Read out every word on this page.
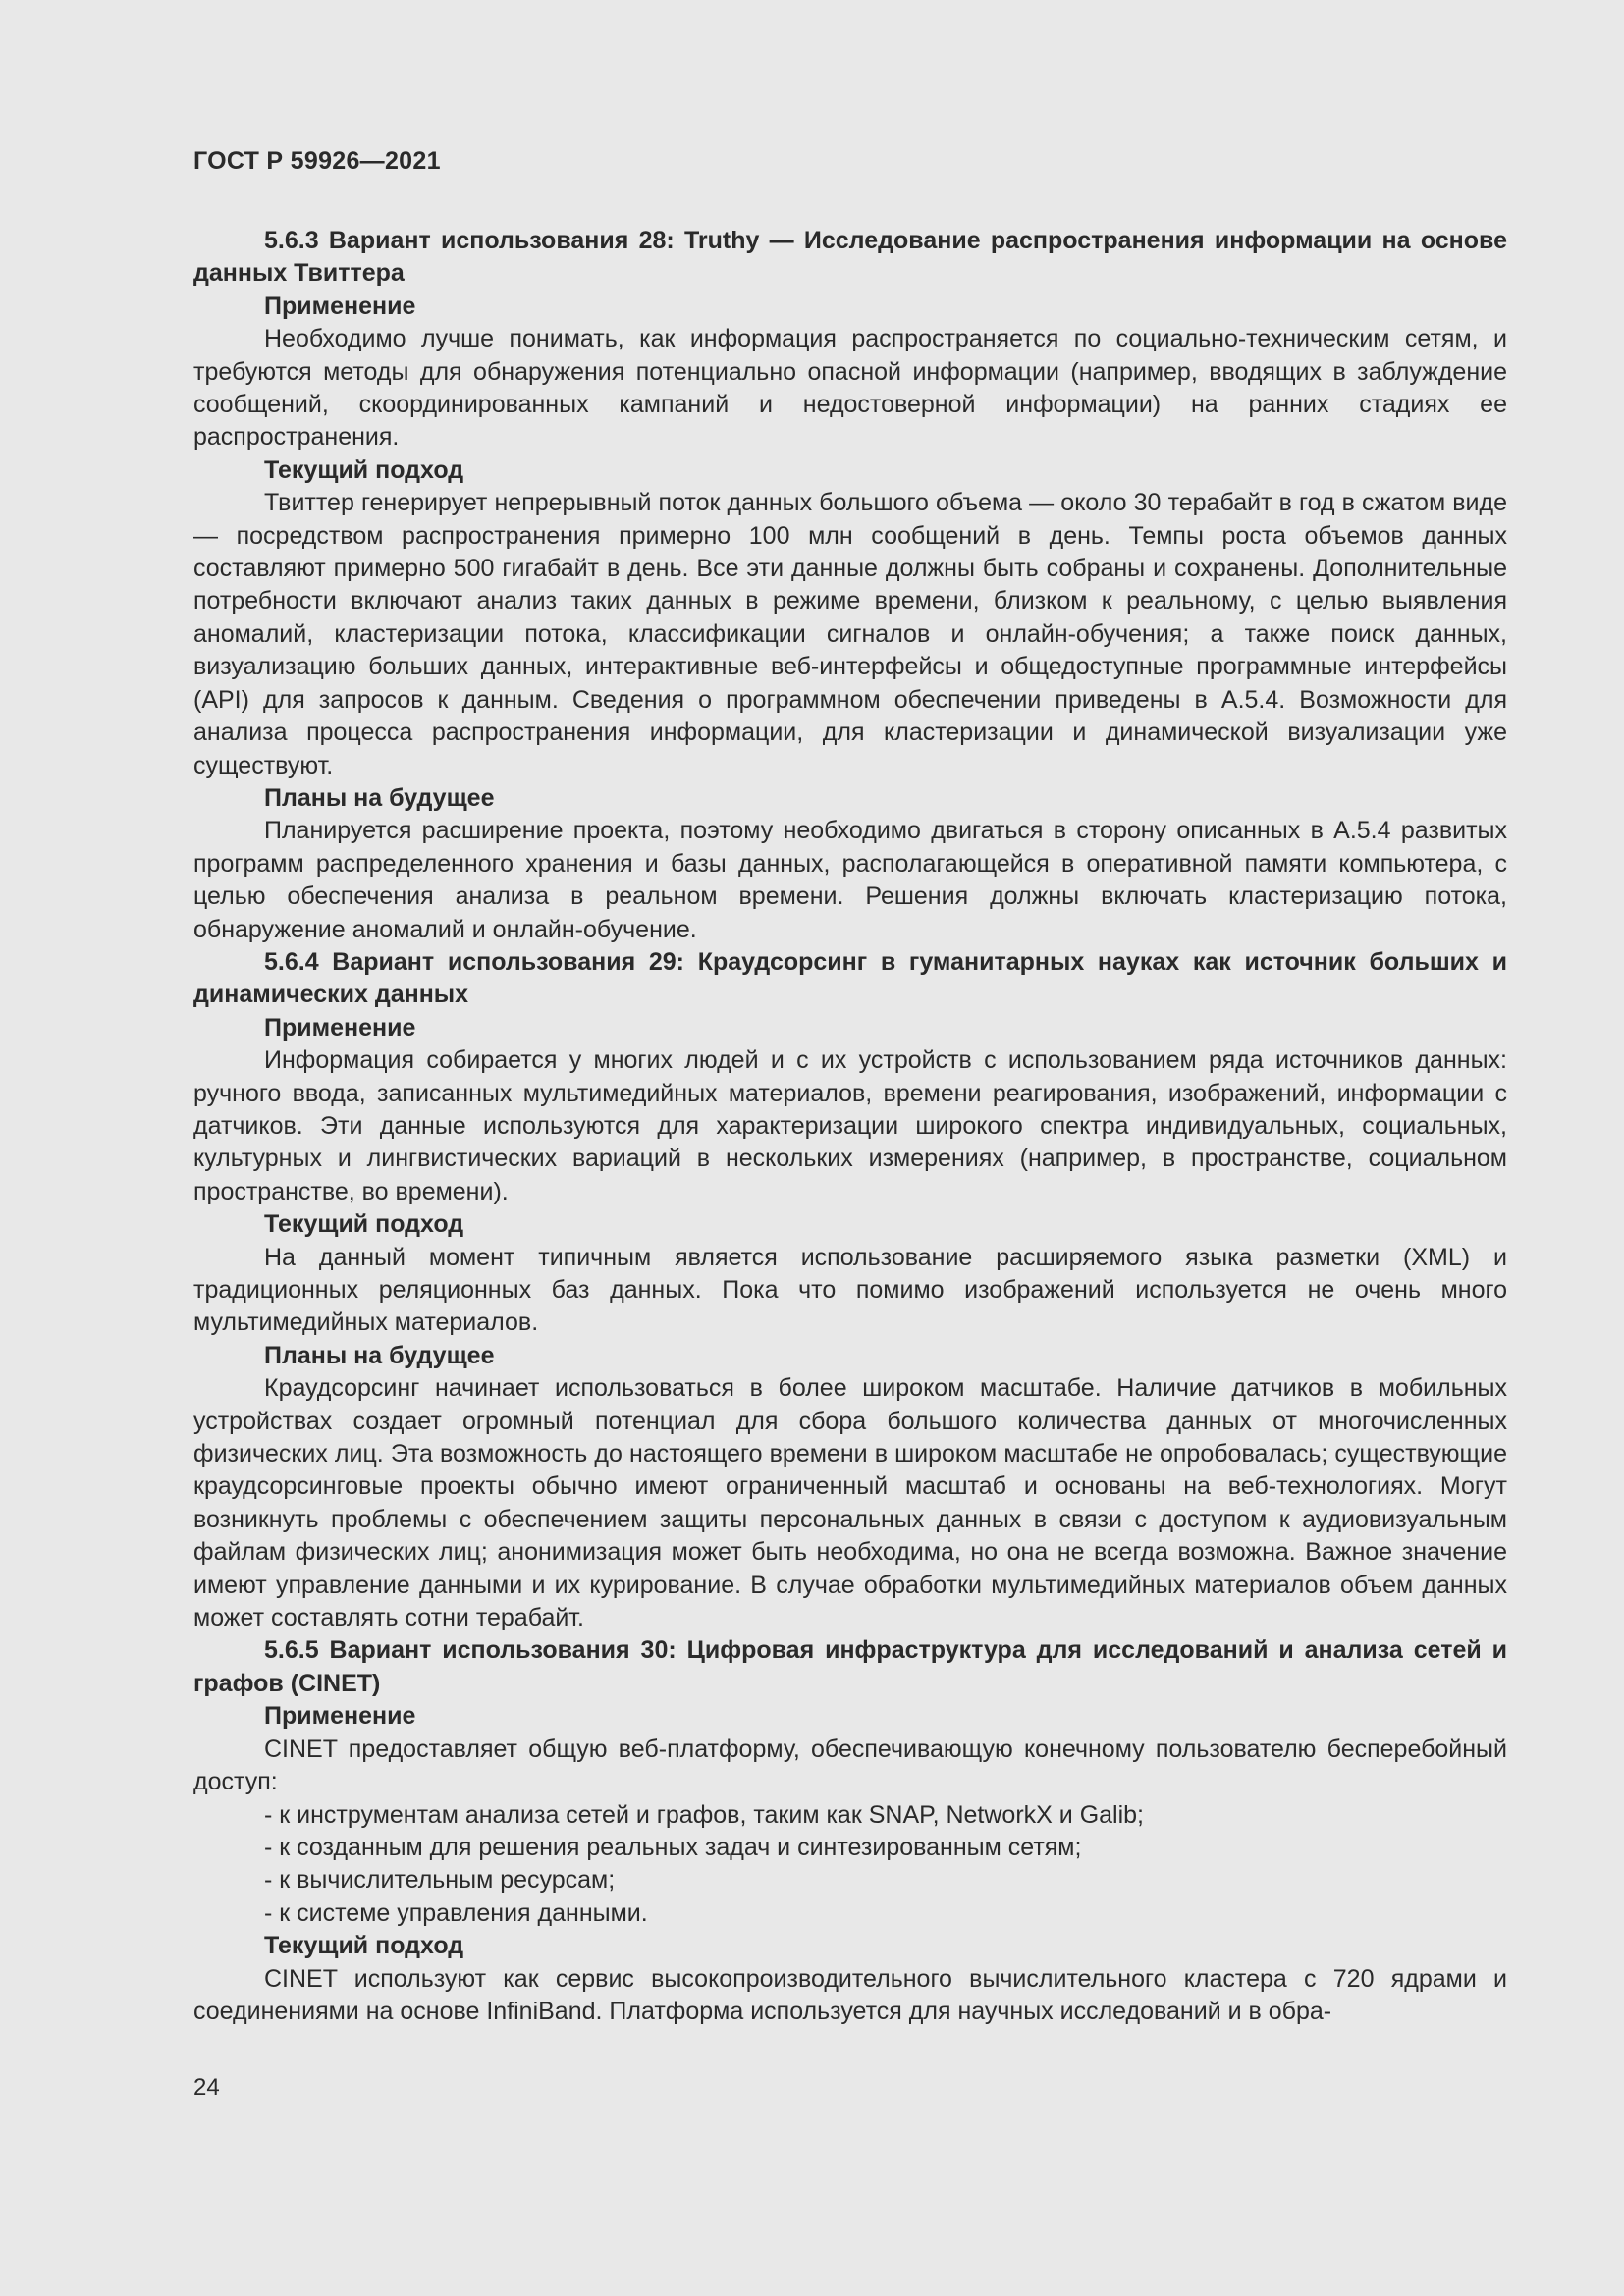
ГОСТ Р 59926—2021

5.6.3 Вариант использования 28: Truthy — Исследование распространения информации на основе данных Твиттера

Применение

Необходимо лучше понимать, как информация распространяется по социально-техническим сетям, и требуются методы для обнаружения потенциально опасной информации (например, вводящих в заблуждение сообщений, скоординированных кампаний и недостоверной информации) на ранних стадиях ее распространения.

Текущий подход

Твиттер генерирует непрерывный поток данных большого объема — около 30 терабайт в год в сжатом виде — посредством распространения примерно 100 млн сообщений в день. Темпы роста объемов данных составляют примерно 500 гигабайт в день. Все эти данные должны быть собраны и сохранены. Дополнительные потребности включают анализ таких данных в режиме времени, близком к реальному, с целью выявления аномалий, кластеризации потока, классификации сигналов и онлайн-обучения; а также поиск данных, визуализацию больших данных, интерактивные веб-интерфейсы и общедоступные программные интерфейсы (API) для запросов к данным. Сведения о программном обеспечении приведены в А.5.4. Возможности для анализа процесса распространения информации, для кластеризации и динамической визуализации уже существуют.

Планы на будущее

Планируется расширение проекта, поэтому необходимо двигаться в сторону описанных в А.5.4 развитых программ распределенного хранения и базы данных, располагающейся в оперативной памяти компьютера, с целью обеспечения анализа в реальном времени. Решения должны включать кластеризацию потока, обнаружение аномалий и онлайн-обучение.

5.6.4 Вариант использования 29: Краудсорсинг в гуманитарных науках как источник больших и динамических данных

Применение

Информация собирается у многих людей и с их устройств с использованием ряда источников данных: ручного ввода, записанных мультимедийных материалов, времени реагирования, изображений, информации с датчиков. Эти данные используются для характеризации широкого спектра индивидуальных, социальных, культурных и лингвистических вариаций в нескольких измерениях (например, в пространстве, социальном пространстве, во времени).

Текущий подход

На данный момент типичным является использование расширяемого языка разметки (XML) и традиционных реляционных баз данных. Пока что помимо изображений используется не очень много мультимедийных материалов.

Планы на будущее

Краудсорсинг начинает использоваться в более широком масштабе. Наличие датчиков в мобильных устройствах создает огромный потенциал для сбора большого количества данных от многочисленных физических лиц. Эта возможность до настоящего времени в широком масштабе не опробовалась; существующие краудсорсинговые проекты обычно имеют ограниченный масштаб и основаны на веб-технологиях. Могут возникнуть проблемы с обеспечением защиты персональных данных в связи с доступом к аудиовизуальным файлам физических лиц; анонимизация может быть необходима, но она не всегда возможна. Важное значение имеют управление данными и их курирование. В случае обработки мультимедийных материалов объем данных может составлять сотни терабайт.

5.6.5 Вариант использования 30: Цифровая инфраструктура для исследований и анализа сетей и графов (CINET)

Применение

CINET предоставляет общую веб-платформу, обеспечивающую конечному пользователю бесперебойный доступ:

- к инструментам анализа сетей и графов, таким как SNAP, NetworkX и Galib;

- к созданным для решения реальных задач и синтезированным сетям;

- к вычислительным ресурсам;

- к системе управления данными.

Текущий подход

CINET используют как сервис высокопроизводительного вычислительного кластера с 720 ядрами и соединениями на основе InfiniBand. Платформа используется для научных исследований и в обра-

24
